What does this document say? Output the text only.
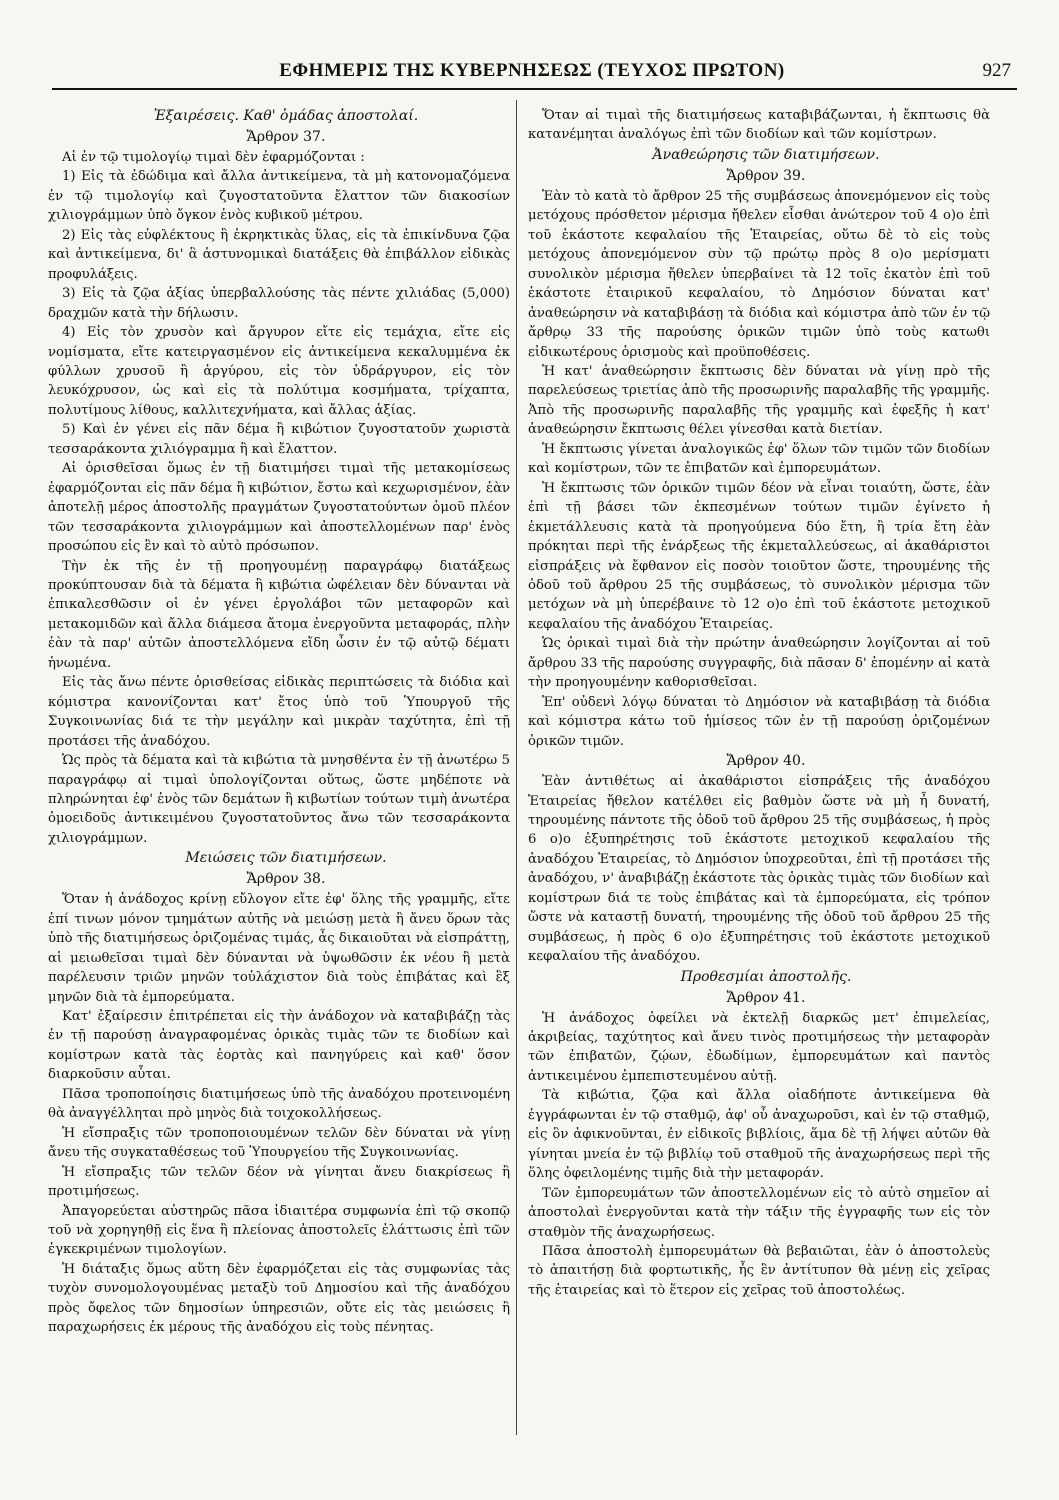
ΕΦΗΜΕΡΙΣ ΤΗΣ ΚΥΒΕΡΝΗΣΕΩΣ (ΤΕΥΧΟΣ ΠΡΩΤΟΝ)	927

Ἐξαιρέσεις. Καθ' ὁμάδας ἀποστολαί.

Ἄρθρον 37.

Αἱ ἐν τῷ τιμολογίῳ τιμαὶ δὲν ἐφαρμόζονται :

1) Εἰς τὰ ἐδώδιμα καὶ ἄλλα ἀντικείμενα, τὰ μὴ κατονομαζόμενα ἐν τῷ τιμολογίῳ καὶ ζυγοστατοῦντα ἔλαττον τῶν διακοσίων χιλιογράμμων ὑπὸ ὄγκον ἑνὸς κυβικοῦ μέτρου.

2) Εἰς τὰς εὐφλέκτους ἢ ἐκρηκτικὰς ὕλας, εἰς τὰ ἐπικίνδυνα ζῷα καὶ ἀντικείμενα, δι' ἃ ἀστυνομικαὶ διατάξεις θὰ ἐπιβάλλον εἰδικὰς προφυλάξεις.

3) Εἰς τὰ ζῷα ἀξίας ὑπερβαλλούσης τὰς πέντε χιλιάδας (5,000) δραχμῶν κατὰ τὴν δήλωσιν.

4) Εἰς τὸν χρυσὸν καὶ ἄργυρον εἴτε εἰς τεμάχια, εἴτε εἰς νομίσματα, εἴτε κατειργασμένον εἰς ἀντικείμενα κεκαλυμμένα ἐκ φύλλων χρυσοῦ ἢ ἀργύρου, εἰς τὸν ὑδράργυρον, εἰς τὸν λευκόχρυσον, ὡς καὶ εἰς τὰ πολύτιμα κοσμήματα, τρίχαπτα, πολυτίμους λίθους, καλλιτεχνήματα, καὶ ἄλλας ἀξίας.

5) Καὶ ἐν γένει εἰς πᾶν δέμα ἢ κιβώτιον ζυγοστατοῦν χωριστὰ τεσσαράκοντα χιλιόγραμμα ἢ καὶ ἔλαττον.

Αἱ ὁρισθεῖσαι ὅμως ἐν τῇ διατιμήσει τιμαὶ τῆς μετακομίσεως ἐφαρμόζονται εἰς πᾶν δέμα ἢ κιβώτιον, ἔστω καὶ κεχωρισμένον, ἐὰν ἀποτελῇ μέρος ἀποστολῆς πραγμάτων ζυγοστατούντων ὁμοῦ πλέον τῶν τεσσαράκοντα χιλιογράμμων καὶ ἀποστελλομένων παρ' ἑνὸς προσώπου εἰς ἓν καὶ τὸ αὐτὸ πρόσωπον.

Τὴν ἐκ τῆς ἐν τῇ προηγουμένῃ παραγράφῳ διατάξεως προκύπτουσαν διὰ τὰ δέματα ἢ κιβώτια ὠφέλειαν δὲν δύνανται νὰ ἐπικαλεσθῶσιν οἱ ἐν γένει ἐργολάβοι τῶν μεταφορῶν καὶ μετακομιδῶν καὶ ἄλλα διάμεσα ἄτομα ἐνεργοῦντα μεταφοράς, πλὴν ἐὰν τὰ παρ' αὐτῶν ἀποστελλόμενα εἴδη ὦσιν ἐν τῷ αὐτῷ δέματι ἡνωμένα.

Εἰς τὰς ἄνω πέντε ὁρισθείσας εἰδικὰς περιπτώσεις τὰ διόδια καὶ κόμιστρα κανονίζονται κατ' ἔτος ὑπὸ τοῦ Ὑπουργοῦ τῆς Συγκοινωνίας διά τε τὴν μεγάλην καὶ μικρὰν ταχύτητα, ἐπὶ τῇ προτάσει τῆς ἀναδόχου.

Ὡς πρὸς τὰ δέματα καὶ τὰ κιβώτια τὰ μνησθέντα ἐν τῇ ἀνωτέρω 5 παραγράφῳ αἱ τιμαὶ ὑπολογίζονται οὕτως, ὥστε μηδέποτε νὰ πληρώνηται ἐφ' ἑνὸς τῶν δεμάτων ἢ κιβωτίων τούτων τιμὴ ἀνωτέρα ὁμοειδοῦς ἀντικειμένου ζυγοστατοῦντος ἄνω τῶν τεσσαράκοντα χιλιογράμμων.

Μειώσεις τῶν διατιμήσεων.

Ἄρθρον 38.

Ὅταν ἡ ἀνάδοχος κρίνῃ εὔλογον εἴτε ἐφ' ὅλης τῆς γραμμῆς, εἴτε ἐπί τινων μόνον τμημάτων αὐτῆς νὰ μειώσῃ μετὰ ἢ ἄνευ ὅρων τὰς ὑπὸ τῆς διατιμήσεως ὁριζομένας τιμάς, ἆς δικαιοῦται νὰ εἰσπράττῃ, αἱ μειωθεῖσαι τιμαὶ δὲν δύνανται νὰ ὑψωθῶσιν ἐκ νέου ἢ μετὰ παρέλευσιν τριῶν μηνῶν τοὐλάχιστον διὰ τοὺς ἐπιβάτας καὶ ἓξ μηνῶν διὰ τὰ ἐμπορεύματα.

Κατ' ἐξαίρεσιν ἐπιτρέπεται εἰς τὴν ἀνάδοχον νὰ καταβιβάζῃ τὰς ἐν τῇ παρούσῃ ἀναγραφομένας ὁρικὰς τιμὰς τῶν τε διοδίων καὶ κομίστρων κατὰ τὰς ἑορτὰς καὶ πανηγύρεις καὶ καθ' ὅσον διαρκοῦσιν αὗται.

Πᾶσα τροποποίησις διατιμήσεως ὑπὸ τῆς ἀναδόχου προτεινομένη θὰ ἀναγγέλληται πρὸ μηνὸς διὰ τοιχοκολλήσεως.

Ἡ εἴσπραξις τῶν τροποποιουμένων τελῶν δὲν δύναται νὰ γίνῃ ἄνευ τῆς συγκαταθέσεως τοῦ Ὑπουργείου τῆς Συγκοινωνίας.

Ἡ εἴσπραξις τῶν τελῶν δέον νὰ γίνηται ἄνευ διακρίσεως ἢ προτιμήσεως.

Ἀπαγορεύεται αὐστηρῶς πᾶσα ἰδιαιτέρα συμφωνία ἐπὶ τῷ σκοπῷ τοῦ νὰ χορηγηθῇ εἰς ἕνα ἢ πλείονας ἀποστολεῖς ἐλάττωσις ἐπὶ τῶν ἐγκεκριμένων τιμολογίων.

Ἡ διάταξις ὅμως αὕτη δὲν ἐφαρμόζεται εἰς τὰς συμφωνίας τὰς τυχὸν συνομολογουμένας μεταξὺ τοῦ Δημοσίου καὶ τῆς ἀναδόχου πρὸς ὄφελος τῶν δημοσίων ὑπηρεσιῶν, οὔτε εἰς τὰς μειώσεις ἢ παραχωρήσεις ἐκ μέρους τῆς ἀναδόχου εἰς τοὺς πένητας.

Ὅταν αἱ τιμαὶ τῆς διατιμήσεως καταβιβάζωνται, ἡ ἔκπτωσις θὰ κατανέμηται ἀναλόγως ἐπὶ τῶν διοδίων καὶ τῶν κομίστρων.

Ἀναθεώρησις τῶν διατιμήσεων.

Ἄρθρον 39.

Ἐὰν τὸ κατὰ τὸ ἄρθρον 25 τῆς συμβάσεως ἀπονεμόμενον εἰς τοὺς μετόχους πρόσθετον μέρισμα ἤθελεν εἶσθαι ἀνώτερον τοῦ 4 ο)ο ἐπὶ τοῦ ἑκάστοτε κεφαλαίου τῆς Ἑταιρείας, οὕτω δὲ τὸ εἰς τοὺς μετόχους ἀπονεμόμενον σὺν τῷ πρώτῳ πρὸς 8 ο)ο μερίσματι συνολικὸν μέρισμα ἤθελεν ὑπερβαίνει τὰ 12 τοῖς ἑκατὸν ἐπὶ τοῦ ἑκάστοτε ἑταιρικοῦ κεφαλαίου, τὸ Δημόσιον δύναται κατ' ἀναθεώρησιν νὰ καταβιβάσῃ τὰ διόδια καὶ κόμιστρα ἀπὸ τῶν ἐν τῷ ἄρθρῳ 33 τῆς παρούσης ὁρικῶν τιμῶν ὑπὸ τοὺς κατωθι εἰδικωτέρους ὁρισμοὺς καὶ προϋποθέσεις.

Ἡ κατ' ἀναθεώρησιν ἔκπτωσις δὲν δύναται νὰ γίνῃ πρὸ τῆς παρελεύσεως τριετίας ἀπὸ τῆς προσωρινῆς παραλαβῆς τῆς γραμμῆς. Ἀπὸ τῆς προσωρινῆς παραλαβῆς τῆς γραμμῆς καὶ ἐφεξῆς ἡ κατ' ἀναθεώρησιν ἔκπτωσις θέλει γίνεσθαι κατὰ διετίαν.

Ἡ ἔκπτωσις γίνεται ἀναλογικῶς ἐφ' ὅλων τῶν τιμῶν τῶν διοδίων καὶ κομίστρων, τῶν τε ἐπιβατῶν καὶ ἐμπορευμάτων.

Ἡ ἔκπτωσις τῶν ὁρικῶν τιμῶν δέον νὰ εἶναι τοιαύτη, ὥστε, ἐὰν ἐπὶ τῇ βάσει τῶν ἐκπεσμένων τούτων τιμῶν ἐγίνετο ἡ ἐκμετάλλευσις κατὰ τὰ προηγούμενα δύο ἔτη, ἢ τρία ἔτη ἐὰν πρόκηται περὶ τῆς ἐνάρξεως τῆς ἐκμεταλλεύσεως, αἱ ἀκαθάριστοι εἰσπράξεις νὰ ἔφθανον εἰς ποσὸν τοιοῦτον ὥστε, τηρουμένης τῆς ὁδοῦ τοῦ ἄρθρου 25 τῆς συμβάσεως, τὸ συνολικὸν μέρισμα τῶν μετόχων νὰ μὴ ὑπερέβαινε τὸ 12 ο)ο ἐπὶ τοῦ ἑκάστοτε μετοχικοῦ κεφαλαίου τῆς ἀναδόχου Ἑταιρείας.

Ὡς ὁρικαὶ τιμαὶ διὰ τὴν πρώτην ἀναθεώρησιν λογίζονται αἱ τοῦ ἄρθρου 33 τῆς παρούσης συγγραφῆς, διὰ πᾶσαν δ' ἑπομένην αἱ κατὰ τὴν προηγουμένην καθορισθεῖσαι.

Ἐπ' οὐδενὶ λόγῳ δύναται τὸ Δημόσιον νὰ καταβιβάσῃ τὰ διόδια καὶ κόμιστρα κάτω τοῦ ἡμίσεος τῶν ἐν τῇ παρούσῃ ὁριζομένων ὁρικῶν τιμῶν.

Ἄρθρον 40.

Ἐὰν ἀντιθέτως αἱ ἀκαθάριστοι εἰσπράξεις τῆς ἀναδόχου Ἑταιρείας ἤθελον κατέλθει εἰς βαθμὸν ὥστε νὰ μὴ ἦ δυνατή, τηρουμένης πάντοτε τῆς ὁδοῦ τοῦ ἄρθρου 25 τῆς συμβάσεως, ἡ πρὸς 6 ο)ο ἐξυπηρέτησις τοῦ ἑκάστοτε μετοχικοῦ κεφαλαίου τῆς ἀναδόχου Ἑταιρείας, τὸ Δημόσιον ὑποχρεοῦται, ἐπὶ τῇ προτάσει τῆς ἀναδόχου, ν' ἀναβιβάζῃ ἑκάστοτε τὰς ὁρικὰς τιμὰς τῶν διοδίων καὶ κομίστρων διά τε τοὺς ἐπιβάτας καὶ τὰ ἐμπορεύματα, εἰς τρόπον ὥστε νὰ καταστῇ δυνατή, τηρουμένης τῆς ὁδοῦ τοῦ ἄρθρου 25 τῆς συμβάσεως, ἡ πρὸς 6 ο)ο ἐξυπηρέτησις τοῦ ἑκάστοτε μετοχικοῦ κεφαλαίου τῆς ἀναδόχου.

Προθεσμίαι ἀποστολῆς.

Ἄρθρον 41.

Ἡ ἀνάδοχος ὀφείλει νὰ ἐκτελῇ διαρκῶς μετ' ἐπιμελείας, ἀκριβείας, ταχύτητος καὶ ἄνευ τινὸς προτιμήσεως τὴν μεταφορὰν τῶν ἐπιβατῶν, ζῴων, ἐδωδίμων, ἐμπορευμάτων καὶ παντὸς ἀντικειμένου ἐμπεπιστευμένου αὐτῇ.

Τὰ κιβώτια, ζῷα καὶ ἄλλα οἱαδήποτε ἀντικείμενα θὰ ἐγγράφωνται ἐν τῷ σταθμῷ, ἀφ' οὗ ἀναχωροῦσι, καὶ ἐν τῷ σταθμῷ, εἰς ὃν ἀφικνοῦνται, ἐν εἰδικοῖς βιβλίοις, ἅμα δὲ τῇ λήψει αὐτῶν θὰ γίνηται μνεία ἐν τῷ βιβλίῳ τοῦ σταθμοῦ τῆς ἀναχωρήσεως περὶ τῆς ὅλης ὀφειλομένης τιμῆς διὰ τὴν μεταφοράν.

Τῶν ἐμπορευμάτων τῶν ἀποστελλομένων εἰς τὸ αὐτὸ σημεῖον αἱ ἀποστολαὶ ἐνεργοῦνται κατὰ τὴν τάξιν τῆς ἐγγραφῆς των εἰς τὸν σταθμὸν τῆς ἀναχωρήσεως.

Πᾶσα ἀποστολὴ ἐμπορευμάτων θὰ βεβαιῶται, ἐὰν ὁ ἀποστολεὺς τὸ ἀπαιτήσῃ διὰ φορτωτικῆς, ἧς ἓν ἀντίτυπον θὰ μένῃ εἰς χεῖρας τῆς ἑταιρείας καὶ τὸ ἕτερον εἰς χεῖρας τοῦ ἀποστολέως.
